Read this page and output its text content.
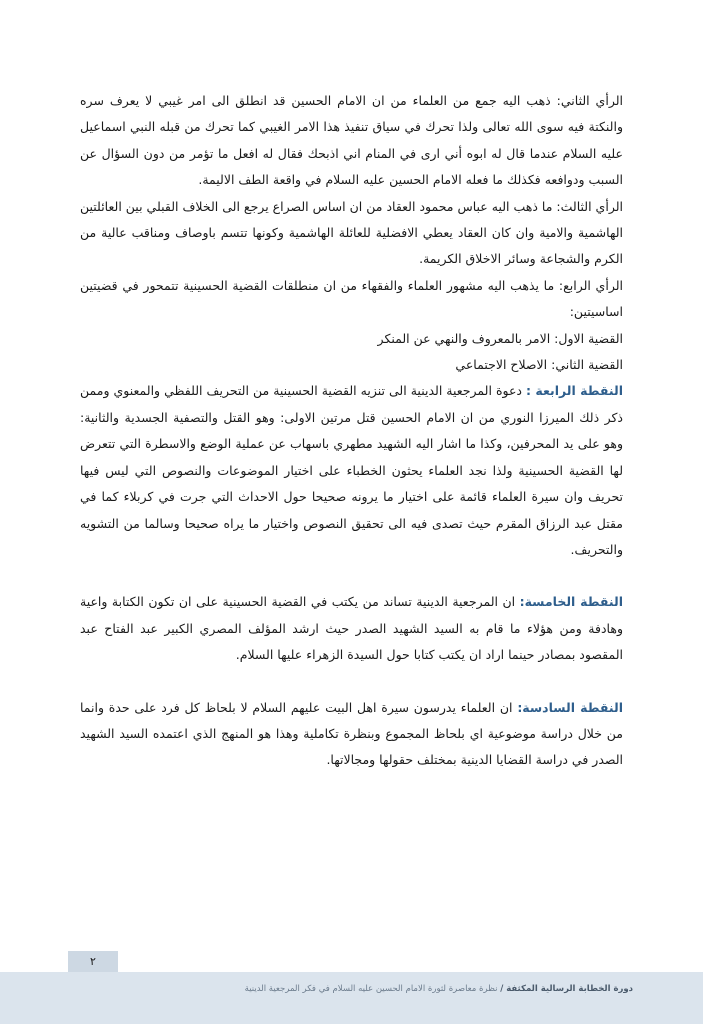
الرأي الثاني: ذهب اليه جمع من العلماء من ان الامام الحسين قد انطلق الى امر غيبي لا يعرف سره والنكتة فيه سوى الله تعالى ولذا تحرك في سياق تنفيذ هذا الامر الغيبي كما تحرك من قبله النبي اسماعيل عليه السلام عندما قال له ابوه أني ارى في المنام اني اذبحك فقال له افعل ما تؤمر من دون السؤال عن السبب ودوافعه فكذلك ما فعله الامام الحسين عليه السلام في واقعة الطف الاليمة.

الرأي الثالث: ما ذهب اليه عباس محمود العقاد من ان اساس الصراع يرجع الى الخلاف القبلي بين العائلتين الهاشمية والامية وان كان العقاد يعطي الافضلية للعائلة الهاشمية وكونها تتسم باوصاف ومناقب عالية من الكرم والشجاعة وسائر الاخلاق الكريمة.

الرأي الرابع: ما يذهب اليه مشهور العلماء والفقهاء من ان منطلقات القضية الحسينية تتمحور في قضيتين اساسيتين:

القضية الاول: الامر بالمعروف والنهي عن المنكر

القضية الثاني: الاصلاح الاجتماعي

النقطة الرابعة : دعوة المرجعية الدينية الى تنزيه القضية الحسينية من التحريف اللفظي والمعنوي وممن ذكر ذلك الميرزا النوري من ان الامام الحسين قتل مرتين الاولى: وهو القتل والتصفية الجسدية والثانية: وهو على يد المحرفين، وكذا ما اشار اليه الشهيد مطهري باسهاب عن عملية الوضع والاسطرة التي تتعرض لها القضية الحسينية ولذا نجد العلماء يحثون الخطباء على اختيار الموضوعات والنصوص التي ليس فيها تحريف وان سيرة العلماء قائمة على اختيار ما يرونه صحيحا حول الاحداث التي جرت في كربلاء كما في مقتل عبد الرزاق المقرم حيث تصدى فيه الى تحقيق النصوص واختيار ما يراه صحيحا وسالما من التشويه والتحريف.

النقطة الخامسة: ان المرجعية الدينية تساند من يكتب في القضية الحسينية على ان تكون الكتابة واعية وهادفة ومن هؤلاء ما قام به السيد الشهيد الصدر حيث ارشد المؤلف المصري الكبير عبد الفتاح عبد المقصود بمصادر حينما اراد ان يكتب كتابا حول السيدة الزهراء عليها السلام.

النقطة السادسة: ان العلماء يدرسون سيرة اهل البيت عليهم السلام لا بلحاظ كل فرد على حدة وانما من خلال دراسة موضوعية اي بلحاظ المجموع وبنظرة تكاملية وهذا هو المنهج الذي اعتمده السيد الشهيد الصدر في دراسة القضايا الدينية بمختلف حقولها ومجالاتها.

٢
دورة الخطابة الرسالية المكثفة / نظرة معاصرة لثورة الامام الحسين عليه السلام في فكر المرجعية الدينية
